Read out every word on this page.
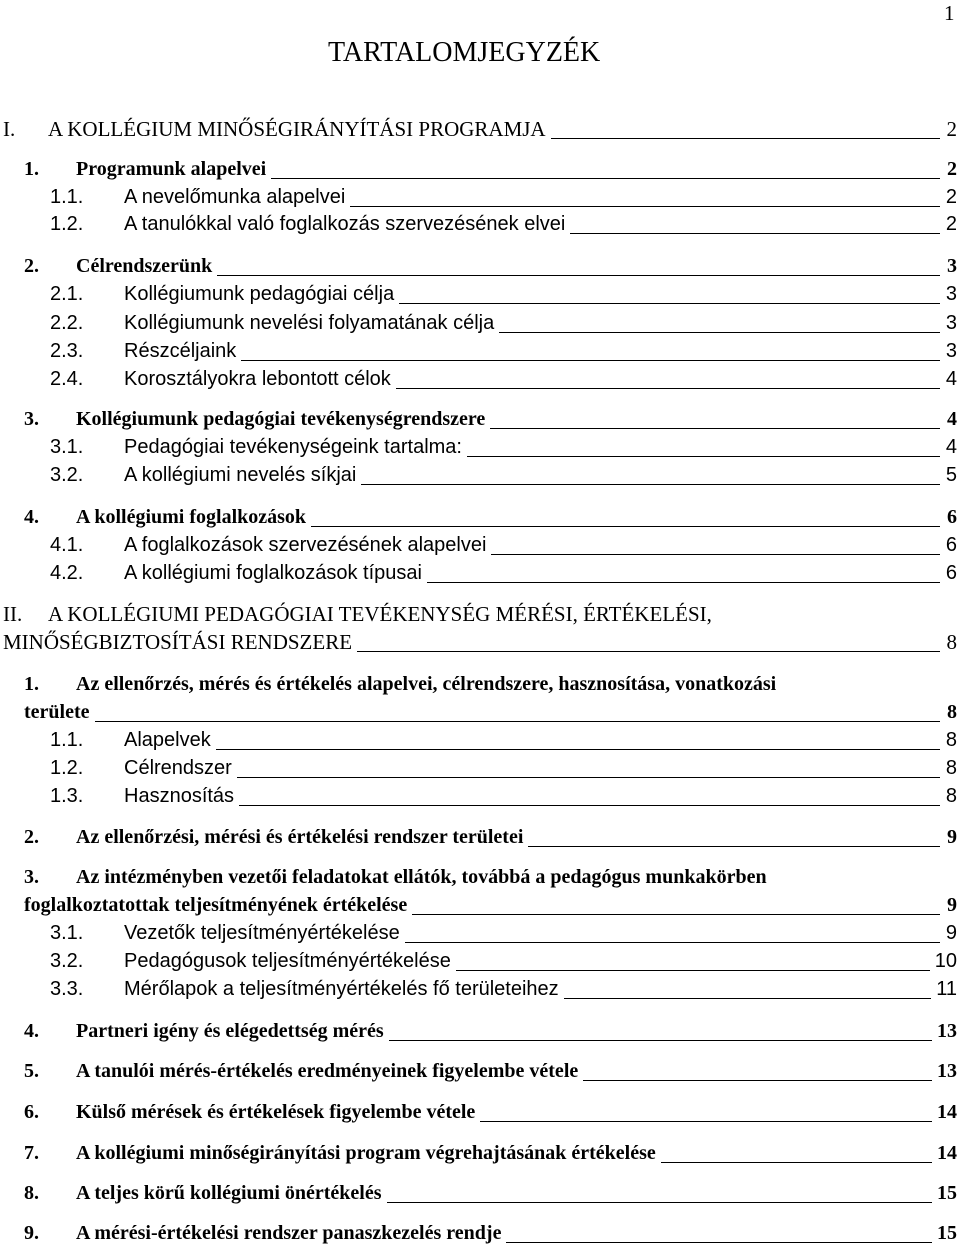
1
TARTALOMJEGYZÉK
I. A KOLLÉGIUM MINŐSÉGIRÁNYÍTÁSI PROGRAMJA	2
1. Programunk alapelvei	2
1.1. A nevelőmunka alapelvei	2
1.2. A tanulókkal való foglalkozás szervezésének elvei	2
2. Célrendszerünk	3
2.1. Kollégiumunk pedagógiai célja	3
2.2. Kollégiumunk nevelési folyamatának célja	3
2.3. Részcéljaink	3
2.4. Korosztályokra lebontott célok	4
3. Kollégiumunk pedagógiai tevékenységrendszere	4
3.1. Pedagógiai tevékenységeink tartalma:	4
3.2. A kollégiumi nevelés síkjai	5
4. A kollégiumi foglalkozások	6
4.1. A foglalkozások szervezésének alapelvei	6
4.2. A kollégiumi foglalkozások típusai	6
II. A KOLLÉGIUMI PEDAGÓGIAI TEVÉKENYSÉG MÉRÉSI, ÉRTÉKELÉSI,
MINŐSÉGBIZTOSÍTÁSI RENDSZERE	8
1. Az ellenőrzés, mérés és értékelés alapelvei, célrendszere, hasznosítása, vonatkozási
területe	8
1.1. Alapelvek	8
1.2. Célrendszer	8
1.3. Hasznosítás	8
2. Az ellenőrzési, mérési és értékelési rendszer területei	9
3. Az intézményben vezetői feladatokat ellátók, továbbá a pedagógus munkakörben
foglalkoztatottak teljesítményének értékelése	9
3.1. Vezetők teljesítményértékelése	9
3.2. Pedagógusok teljesítményértékelése	10
3.3. Mérőlapok a teljesítményértékelés fő területeihez	11
4. Partneri igény és elégedettség mérés	13
5. A tanulói mérés-értékelés eredményeinek figyelembe vétele	13
6. Külső mérések és értékelések figyelembe vétele	14
7. A kollégiumi minőségirányítási program végrehajtásának értékelése	14
8. A teljes körű kollégiumi önértékelés	15
9. A mérési-értékelési rendszer panaszkezelés rendje	15
